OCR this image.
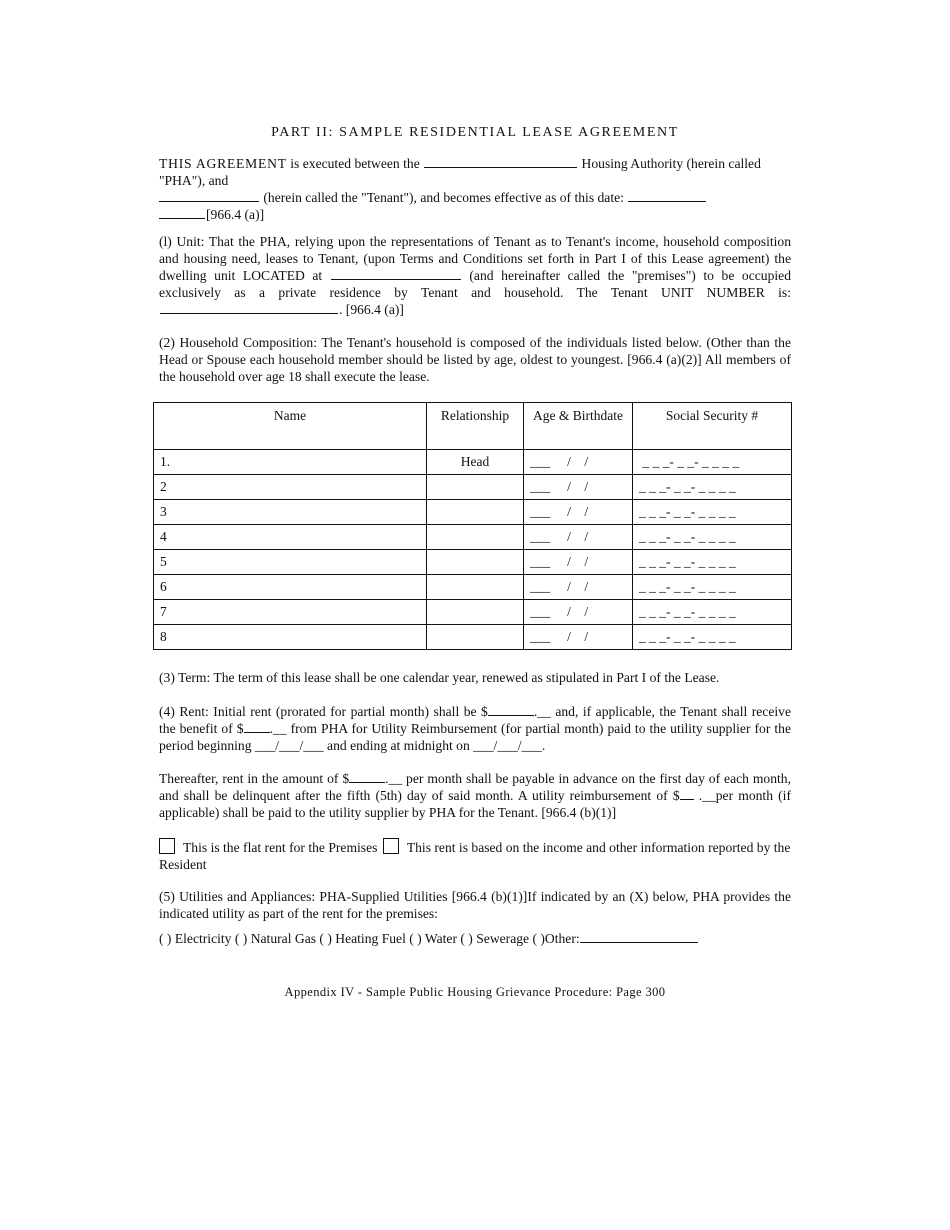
PART II: SAMPLE RESIDENTIAL LEASE AGREEMENT
THIS AGREEMENT is executed between the	Housing Authority (herein called "PHA"), and
(herein called the "Tenant"), and becomes effective as of this date:
[966.4 (a)]
(l) Unit: That the PHA, relying upon the representations of Tenant as to Tenant's income, household composition and housing need, leases to Tenant, (upon Terms and Conditions set forth in Part I of this Lease agreement) the dwelling unit LOCATED at	(and hereinafter called the "premises") to be occupied exclusively as a private residence by Tenant and household. The Tenant UNIT NUMBER is:. [966.4 (a)]
(2) Household Composition: The Tenant's household is composed of the individuals listed below. (Other than the Head or Spouse each household member should be listed by age, oldest to youngest. [966.4 (a)(2)] All members of the household over age 18 shall execute the lease.
Name	Relationship	Age & Birthdate	Social Security #
1.	Head	___     /    /	_ _ _- _ _- _ _ _ _
2		___     /    /	_ _ _- _ _- _ _ _ _
3		___     /    /	_ _ _- _ _- _ _ _ _
4		___     /    /	_ _ _- _ _- _ _ _ _
5		___     /    /	_ _ _- _ _- _ _ _ _
6		___     /    /	_ _ _- _ _- _ _ _ _
7		___     /    /	_ _ _- _ _- _ _ _ _
8		___     /    /	_ _ _- _ _- _ _ _ _
(3) Term: The term of this lease shall be one calendar year, renewed as stipulated in Part I of the Lease.
(4) Rent: Initial rent (prorated for partial month) shall be $	.__ and, if applicable, the Tenant shall receive the benefit of $ .__ from PHA for Utility Reimbursement (for partial month) paid to the utility supplier for the period beginning ___/___/___ and ending at midnight on ___/___/___.
Thereafter, rent in the amount of $	.__ per month shall be payable in advance on the first day of each month, and shall be delinquent after the fifth (5th) day of said month. A utility reimbursement of $ .__per month (if applicable) shall be paid to the utility supplier by PHA for the Tenant. [966.4 (b)(1)]
This is the flat rent for the Premises This rent is based on the income and other information reported by the Resident
(5) Utilities and Appliances: PHA-Supplied Utilities [966.4 (b)(1)]If indicated by an (X) below, PHA provides the indicated utility as part of the rent for the premises:
( ) Electricity ( ) Natural Gas ( ) Heating Fuel ( ) Water ( ) Sewerage ( )Other:
Appendix IV - Sample Public Housing Grievance Procedure: Page 300
